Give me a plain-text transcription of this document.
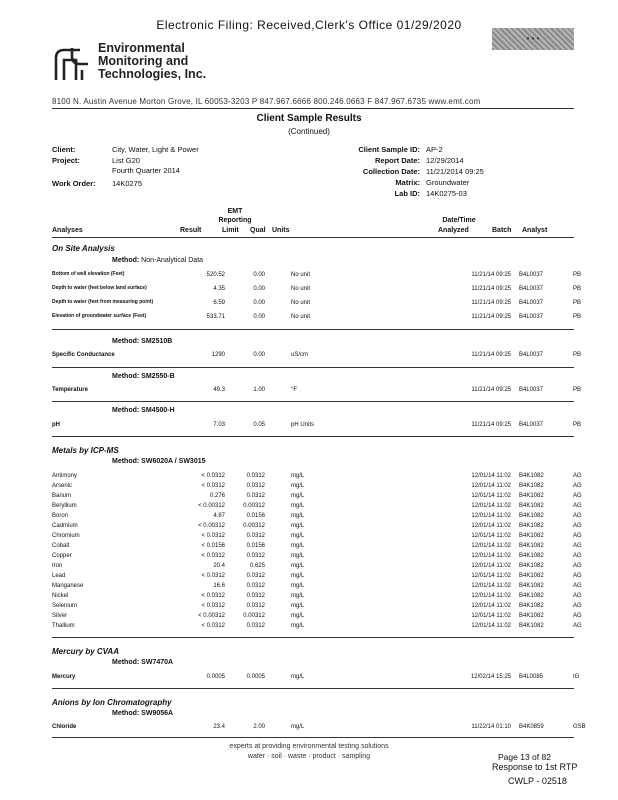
Electronic Filing: Received,Clerk's Office 01/29/2020
• • •
Environmental
Monitoring and
Technologies, Inc.
8100 N. Austin Avenue Morton Grove, IL 60053-3203 P 847.967.6666 800.246.0663 F 847.967.6735 www.emt.com
Client Sample Results
(Continued)
Client:	City, Water, Light & Power
Project:	List G20
Fourth Quarter 2014
Work Order: 14K0275
Client Sample ID: AP-2
Report Date: 12/29/2014
Collection Date: 11/21/2014 09:25
Matrix: Groundwater
Lab ID: 14K0275-03
EMT
Reporting	Date/Time
Analyses	Result	Limit Qual Units	Analyzed	Batch Analyst
On Site Analysis
Method: Non-Analytical Data
Bottom of well elevation (Feet)	520.52	0.00		No unit	11/21/14 09:25	B4L0037	PB
Depth to water (feet below land surface)	4.35	0.00		No unit	11/21/14 09:25	B4L0037	PB
Depth to water (feet from measuring point)	6.59	0.00		No unit	11/21/14 09:25	B4L0037	PB
Elevation of groundwater surface (Feet)	533.71	0.00		No unit	11/21/14 09:25	B4L0037	PB
Method: SM2510B
Specific Conductance	1290	0.00		uS/cm	11/21/14 09:25	B4L0037	PB
Method: SM2550-B
Temperature	49.3	1.00		°F	11/21/14 09:25	B4L0037	PB
Method: SM4500-H
pH	7.03	0.05		pH Units	11/21/14 09:25	B4L0037	PB
Metals by ICP-MS
Method: SW6020A / SW3015
Antimony	< 0.0312	0.0312		mg/L	12/01/14 11:02	B4K1082	AG
Arsenic	< 0.0312	0.0312		mg/L	12/01/14 11:02	B4K1082	AG
Barium	0.276	0.0312		mg/L	12/01/14 11:02	B4K1082	AG
Beryllium	< 0.00312	0.00312		mg/L	12/01/14 11:02	B4K1082	AG
Boron	4.87	0.0156		mg/L	12/01/14 11:02	B4K1082	AG
Cadmium	< 0.00312	0.00312		mg/L	12/01/14 11:02	B4K1082	AG
Chromium	< 0.0312	0.0312		mg/L	12/01/14 11:02	B4K1082	AG
Cobalt	< 0.0156	0.0156		mg/L	12/01/14 11:02	B4K1082	AG
Copper	< 0.0312	0.0312		mg/L	12/01/14 11:02	B4K1082	AG
Iron	20.4	0.625		mg/L	12/01/14 11:02	B4K1082	AG
Lead	< 0.0312	0.0312		mg/L	12/01/14 11:02	B4K1082	AG
Manganese	16.6	0.0312		mg/L	12/01/14 11:02	B4K1082	AG
Nickel	< 0.0312	0.0312		mg/L	12/01/14 11:02	B4K1082	AG
Selenium	< 0.0312	0.0312		mg/L	12/01/14 11:02	B4K1082	AG
Silver	< 0.00312	0.00312		mg/L	12/01/14 11:02	B4K1082	AG
Thallium	< 0.0312	0.0312		mg/L	12/01/14 11:02	B4K1082	AG
Mercury by CVAA
Method: SW7470A
Mercury	0.0005	0.0005		mg/L	12/02/14 15:25	B4L0085	IG
Anions by Ion Chromatography
Method: SW9056A
Chloride	23.4	2.00		mg/L	11/22/14 01:10	B4K0859	GSB
experts at providing environmental testing solutions
water · soil · waste · product · sampling	Page 13 of 82
Response to 1st RTP
CWLP - 02518
